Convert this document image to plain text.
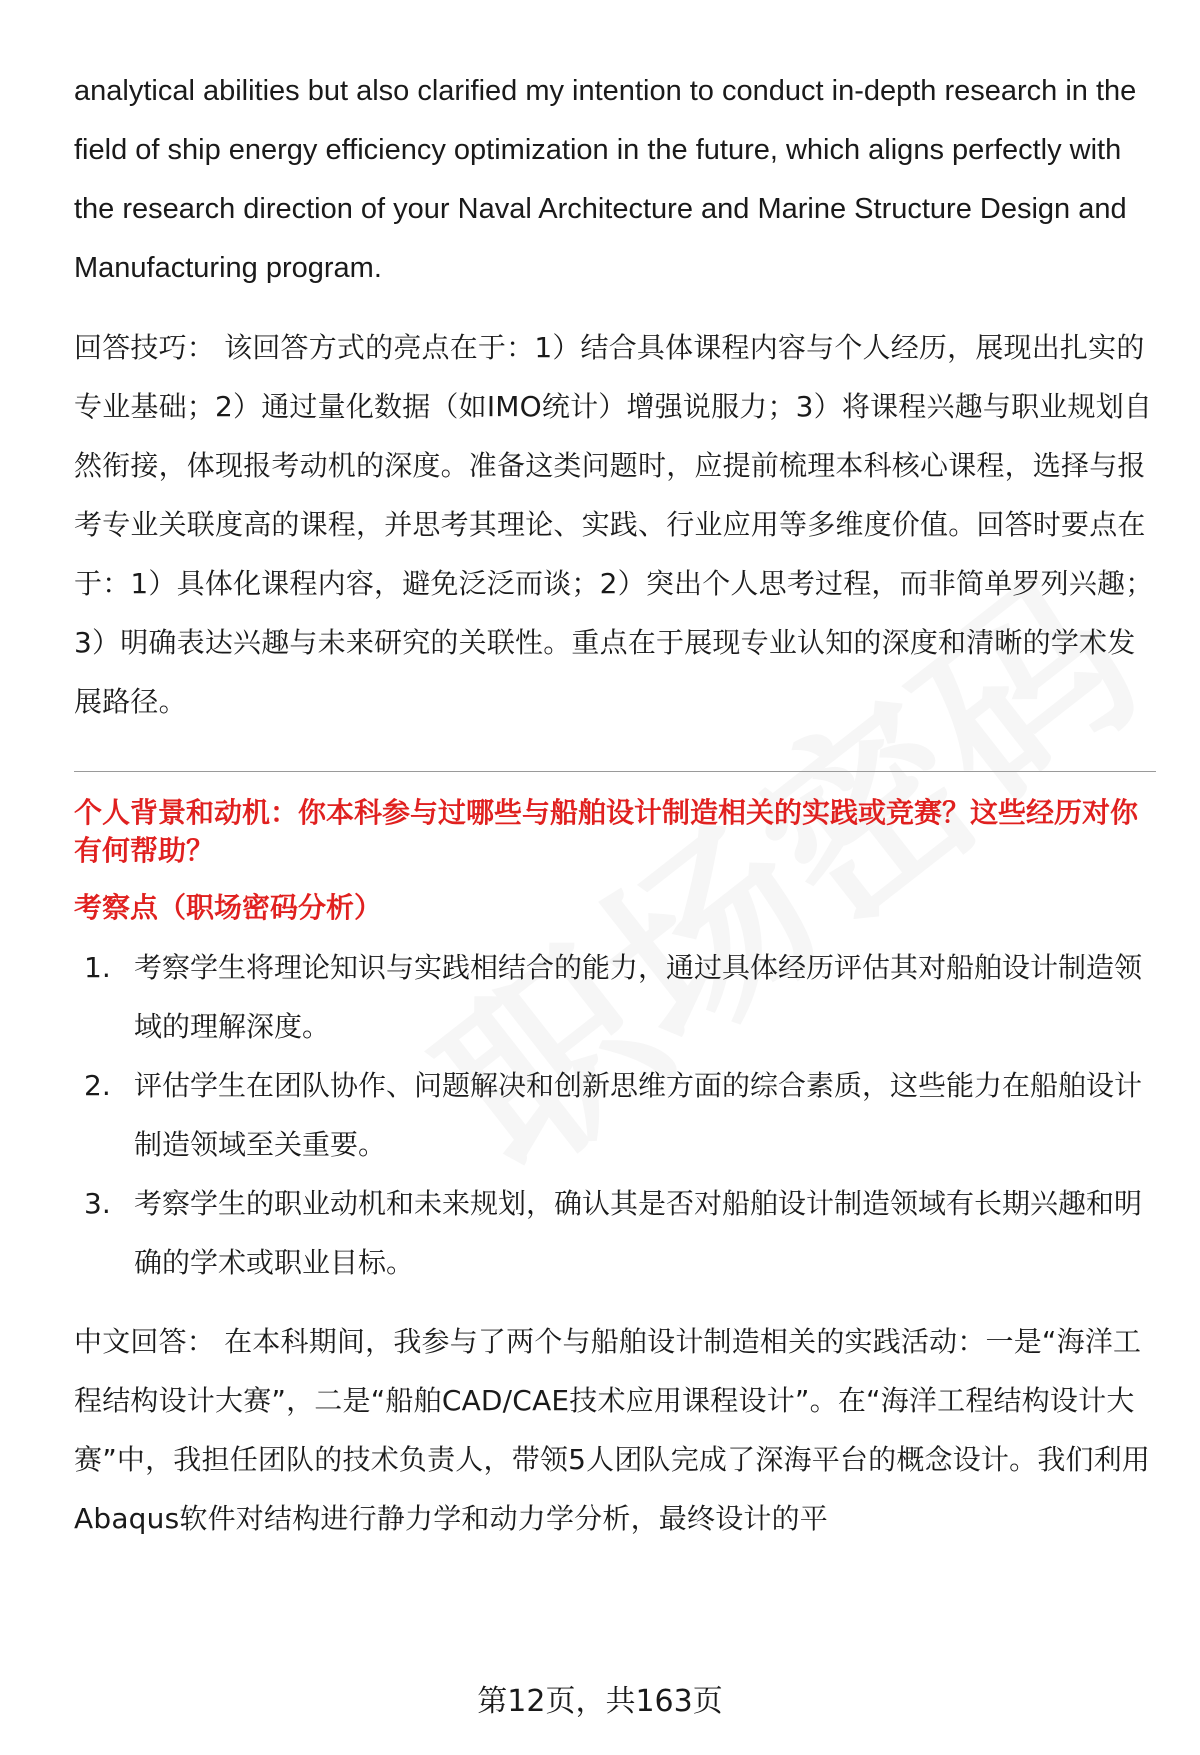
analytical abilities but also clarified my intention to conduct in-depth research in the field of ship energy efficiency optimization in the future, which aligns perfectly with the research direction of your Naval Architecture and Marine Structure Design and Manufacturing program.

回答技巧： 该回答方式的亮点在于：1）结合具体课程内容与个人经历，展现出扎实的专业基础；2）通过量化数据（如IMO统计）增强说服力；3）将课程兴趣与职业规划自然衔接，体现报考动机的深度。准备这类问题时，应提前梳理本科核心课程，选择与报考专业关联度高的课程，并思考其理论、实践、行业应用等多维度价值。回答时要点在于：1）具体化课程内容，避免泛泛而谈；2）突出个人思考过程，而非简单罗列兴趣；3）明确表达兴趣与未来研究的关联性。重点在于展现专业认知的深度和清晰的学术发展路径。

个人背景和动机：你本科参与过哪些与船舶设计制造相关的实践或竞赛？这些经历对你有何帮助？

考察点（职场密码分析）

1. 考察学生将理论知识与实践相结合的能力，通过具体经历评估其对船舶设计制造领域的理解深度。
2. 评估学生在团队协作、问题解决和创新思维方面的综合素质，这些能力在船舶设计制造领域至关重要。
3. 考察学生的职业动机和未来规划，确认其是否对船舶设计制造领域有长期兴趣和明确的学术或职业目标。

中文回答： 在本科期间，我参与了两个与船舶设计制造相关的实践活动：一是“海洋工程结构设计大赛”，二是“船舶CAD/CAE技术应用课程设计”。在“海洋工程结构设计大赛”中，我担任团队的技术负责人，带领5人团队完成了深海平台的概念设计。我们利用Abaqus软件对结构进行静力学和动力学分析，最终设计的平

第12页，共163页
